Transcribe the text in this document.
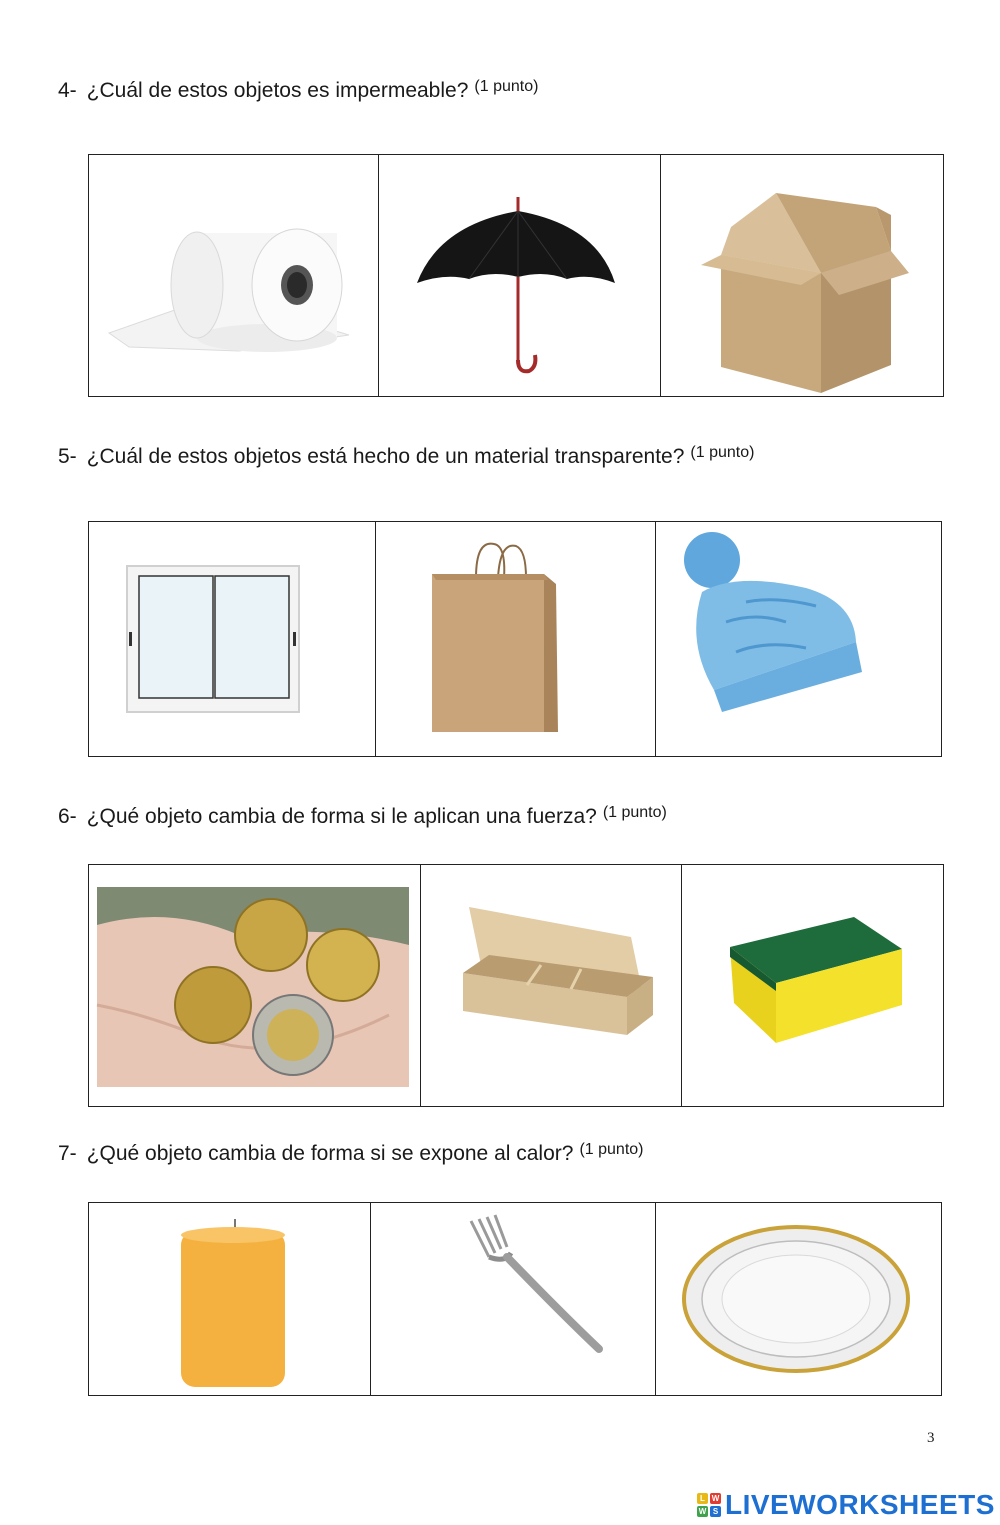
4- ¿Cuál de estos objetos es impermeable? $^{(1 punto)}$

5- ¿Cuál de estos objetos está hecho de un material transparente? $^{(1 punto)}$

6- ¿Qué objeto cambia de forma si le aplican una fuerza? $^{(1 punto)}$

7- ¿Qué objeto cambia de forma si se expone al calor? $^{(1 punto)}$

3
L W
W S LIVEWORKSHEETS
